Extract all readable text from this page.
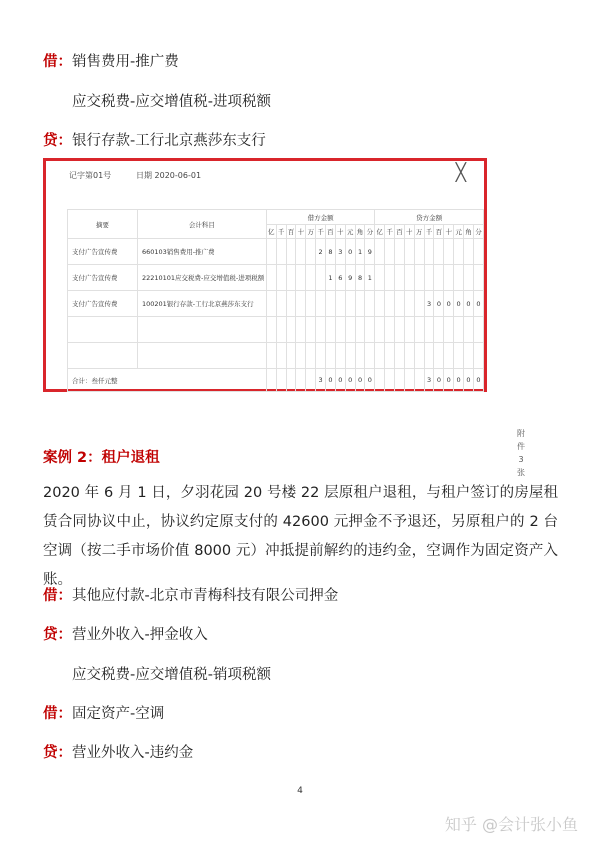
借：销售费用-推广费
应交税费-应交增值税-进项税额
贷：银行存款-工行北京燕莎东支行
记字第01号	日期 2020-06-01	╳
摘要	会计科目	借方金额											贷方金额										
		亿	千	百	十	万	千	百	十	元	角	分	亿	千	百	十	万	千	百	十	元	角	分
支付广告宣传费	660103销售费用-推广费						2	8	3	0	1	9											
支付广告宣传费	22210101应交税费-应交增值税-进项税额							1	6	9	8	1											
支付广告宣传费	100201银行存款-工行北京燕莎东支行																	3	0	0	0	0	0

合计：叁仟元整							3	0	0	0	0	0						3	0	0	0	0	0
附
件
3
张
案例 2：租户退租
2020 年 6 月 1 日，夕羽花园 20 号楼 22 层原租户退租，与租户签订的房屋租赁合同协议中止，协议约定原支付的 42600 元押金不予退还，另原租户的 2 台空调（按二手市场价值 8000 元）冲抵提前解约的违约金，空调作为固定资产入账。
借：其他应付款-北京市青梅科技有限公司押金
贷：营业外收入-押金收入
应交税费-应交增值税-销项税额
借：固定资产-空调
贷：营业外收入-违约金
4
知乎 @会计张小鱼
